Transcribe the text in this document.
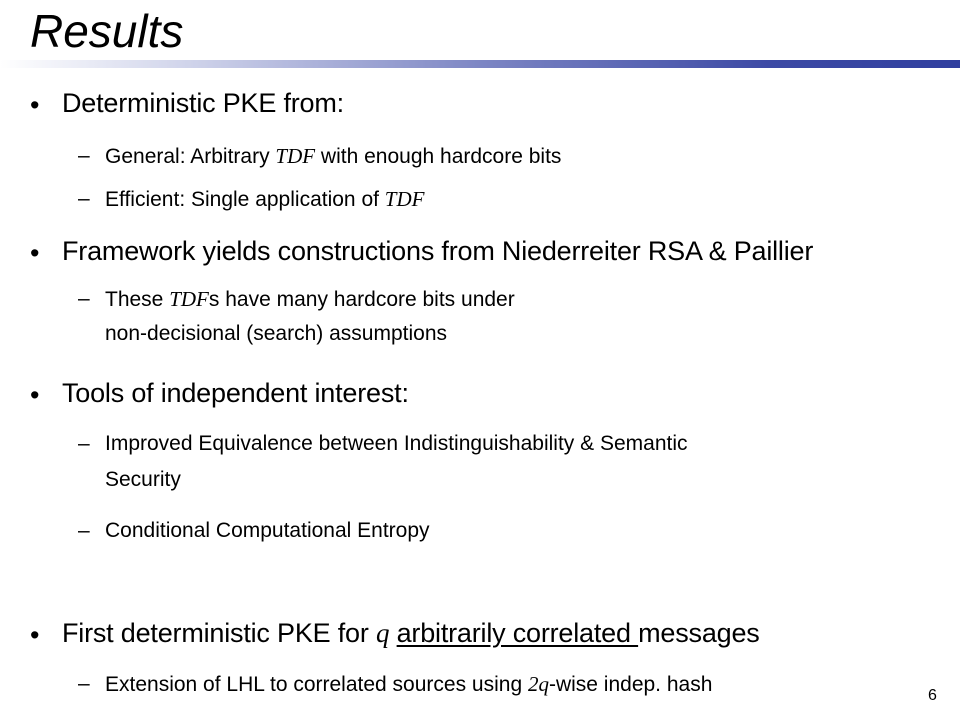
Results
• Deterministic PKE from:
– General: Arbitrary TDF with enough hardcore bits
– Efficient: Single application of TDF
• Framework yields constructions from Niederreiter RSA & Paillier
– These TDFs have many hardcore bits under
non-decisional (search) assumptions
• Tools of independent interest:
– Improved Equivalence between Indistinguishability & Semantic
Security
– Conditional Computational Entropy
• First deterministic PKE for q arbitrarily correlated messages
– Extension of LHL to correlated sources using 2q-wise indep. hash	6
